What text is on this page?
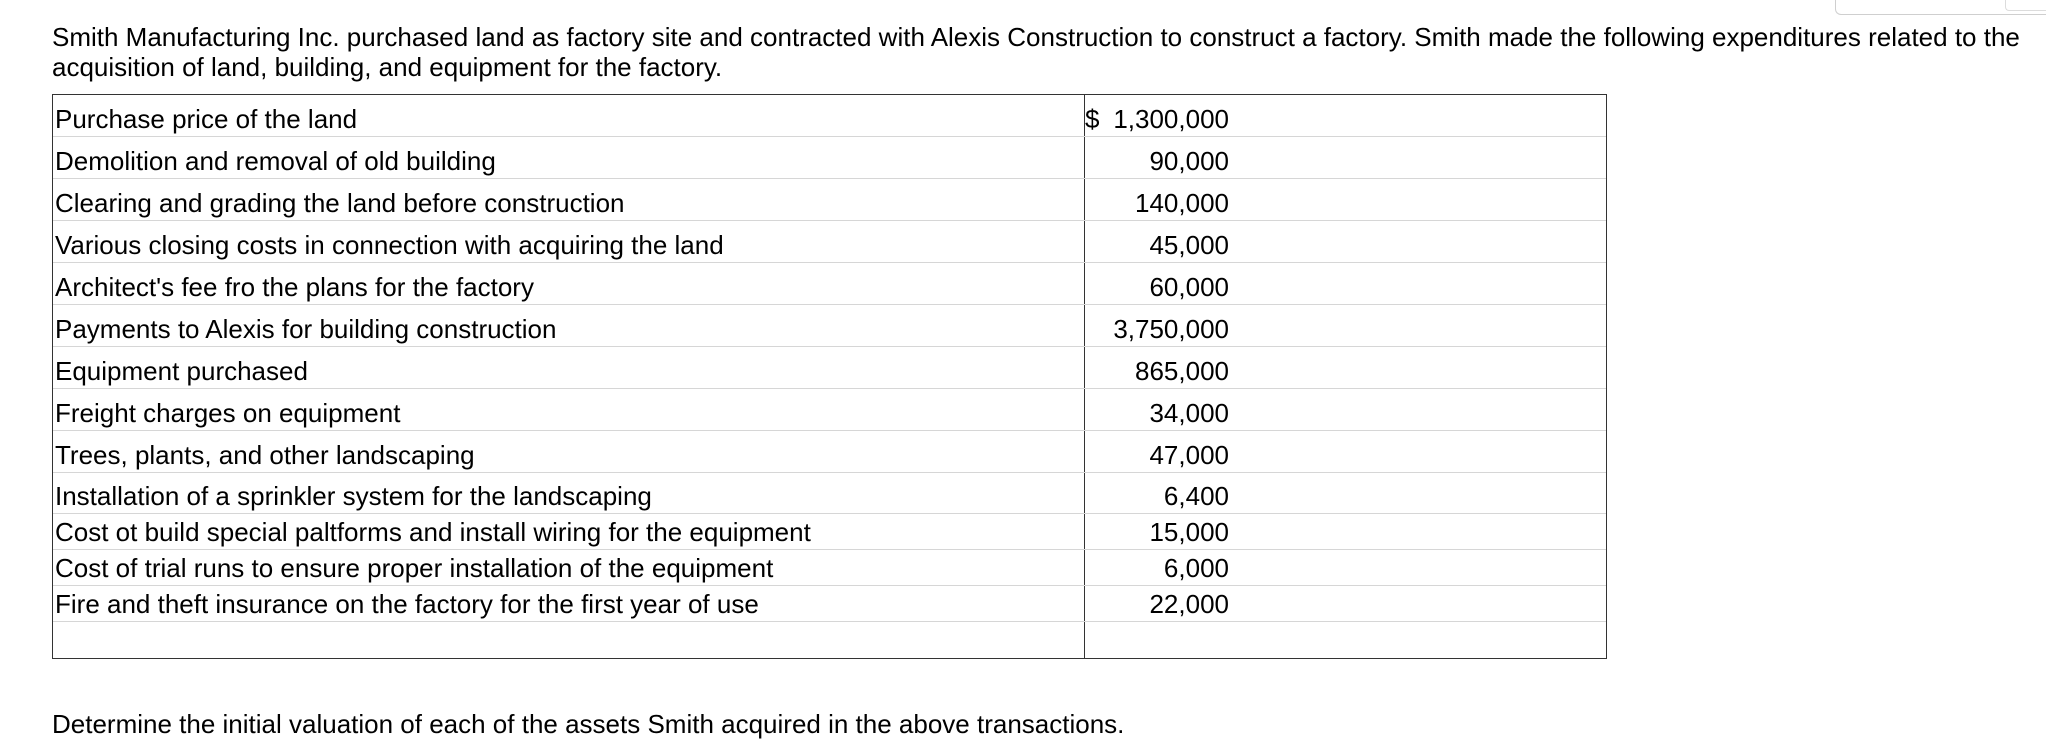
Smith Manufacturing Inc. purchased land as factory site and contracted with Alexis Construction to construct a factory. Smith made the following expenditures related to the acquisition of land, building, and equipment for the factory.
Purchase price of the land	$ 1,300,000
Demolition and removal of old building	90,000
Clearing and grading the land before construction	140,000
Various closing costs in connection with acquiring the land	45,000
Architect's fee fro the plans for the factory	60,000
Payments to Alexis for building construction	3,750,000
Equipment purchased	865,000
Freight charges on equipment	34,000
Trees, plants, and other landscaping	47,000
Installation of a sprinkler system for the landscaping	6,400
Cost ot build special paltforms and install wiring for the equipment	15,000
Cost of trial runs to ensure proper installation of the equipment	6,000
Fire and theft insurance on the factory for the first year of use	22,000
Determine the initial valuation of each of the assets Smith acquired in the above transactions.
